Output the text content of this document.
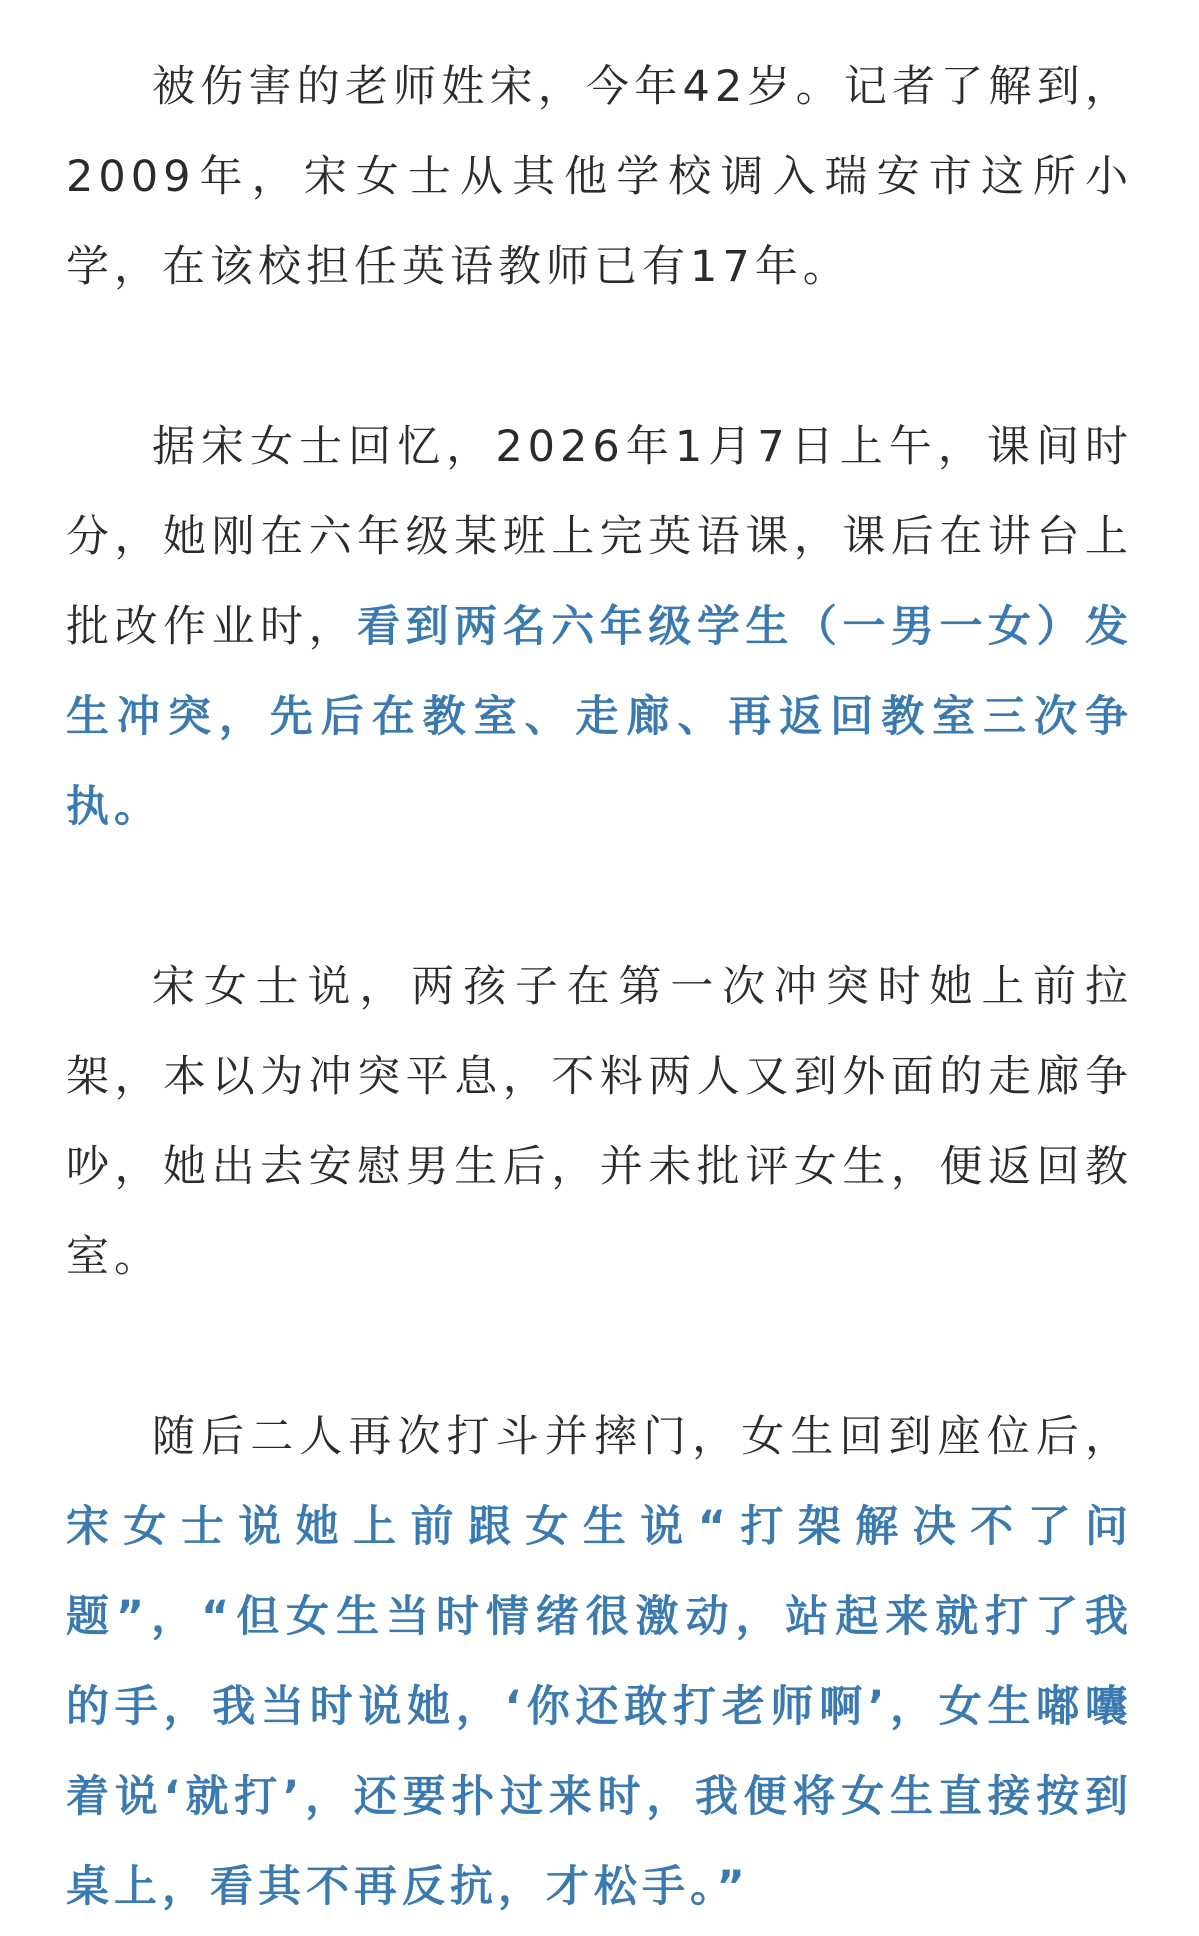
被伤害的老师姓宋，今年42岁。记者了解到，2009年，宋女士从其他学校调入瑞安市这所小学，在该校担任英语教师已有17年。

据宋女士回忆，2026年1月7日上午，课间时分，她刚在六年级某班上完英语课，课后在讲台上批改作业时，看到两名六年级学生（一男一女）发生冲突，先后在教室、走廊、再返回教室三次争执。

宋女士说，两孩子在第一次冲突时她上前拉架，本以为冲突平息，不料两人又到外面的走廊争吵，她出去安慰男生后，并未批评女生，便返回教室。

随后二人再次打斗并摔门，女生回到座位后，宋女士说她上前跟女生说“打架解决不了问题”，“但女生当时情绪很激动，站起来就打了我的手，我当时说她，‘你还敢打老师啊’，女生嘟囔着说‘就打’，还要扑过来时，我便将女生直接按到桌上，看其不再反抗，才松手。”
